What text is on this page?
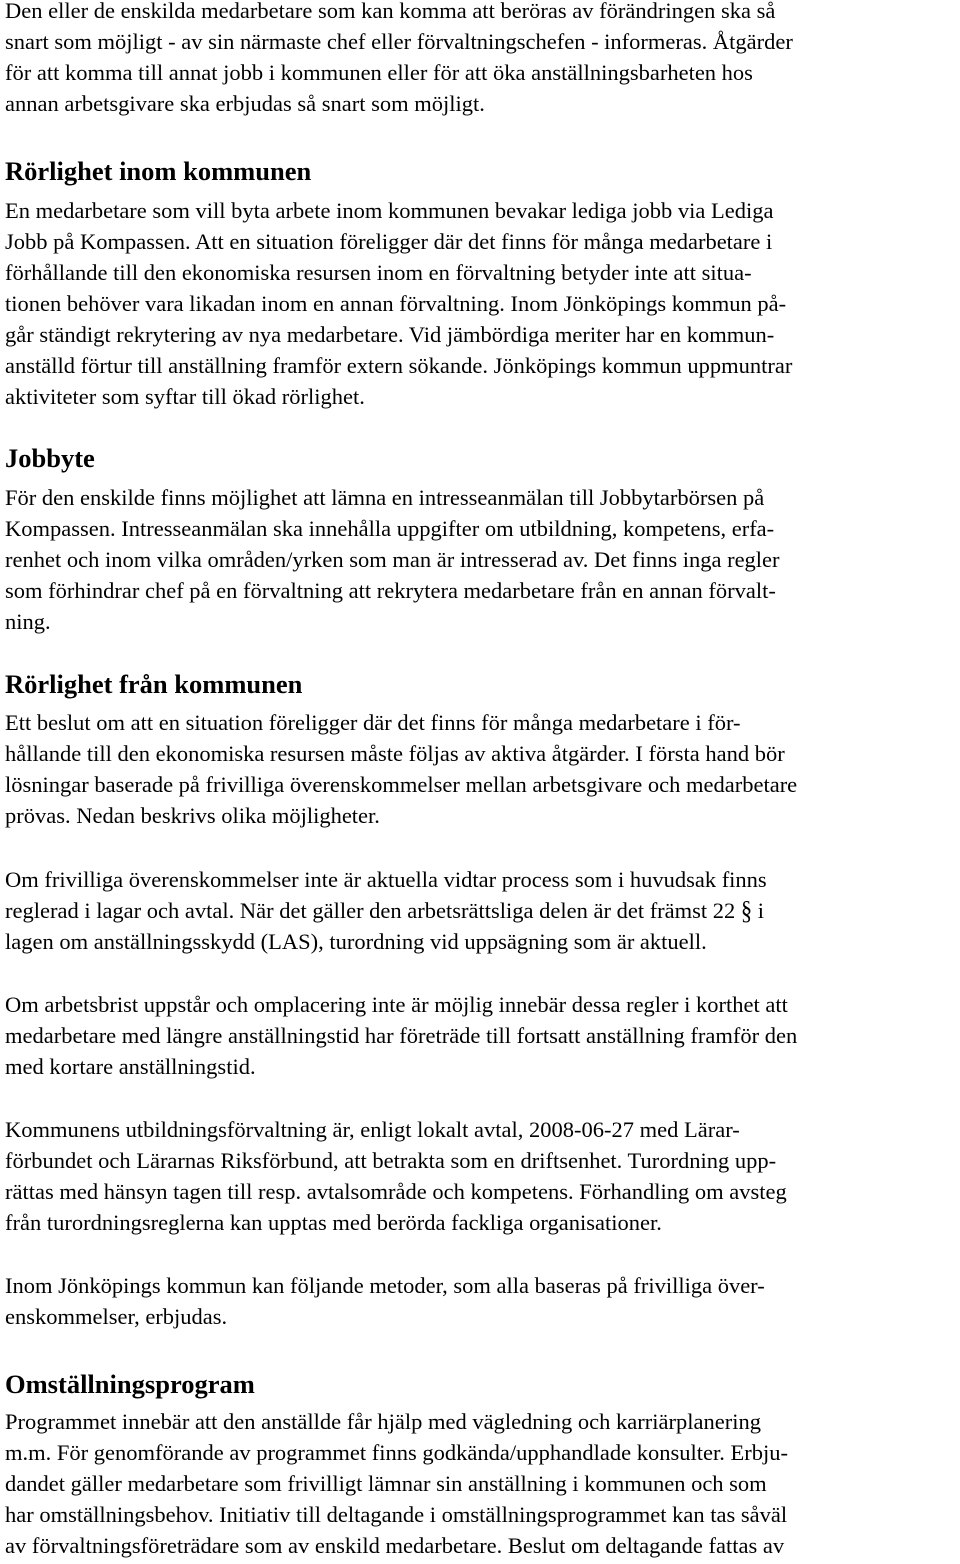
Den eller de enskilda medarbetare som kan komma att beröras av förändringen ska så
snart som möjligt - av sin närmaste chef eller förvaltningschefen - informeras. Åtgärder
för att komma till annat jobb i kommunen eller för att öka anställningsbarheten hos
annan arbetsgivare ska erbjudas så snart som möjligt.
Rörlighet inom kommunen
En medarbetare som vill byta arbete inom kommunen bevakar lediga jobb via Lediga
Jobb på Kompassen. Att en situation föreligger där det finns för många medarbetare i
förhållande till den ekonomiska resursen inom en förvaltning betyder inte att situa-
tionen behöver vara likadan inom en annan förvaltning. Inom Jönköpings kommun på-
går ständigt rekrytering av nya medarbetare. Vid jämbördiga meriter har en kommun-
anställd förtur till anställning framför extern sökande. Jönköpings kommun uppmuntrar
aktiviteter som syftar till ökad rörlighet.
Jobbyte
För den enskilde finns möjlighet att lämna en intresseanmälan till Jobbytarbörsen på
Kompassen. Intresseanmälan ska innehålla uppgifter om utbildning, kompetens, erfa-
renhet och inom vilka områden/yrken som man är intresserad av. Det finns inga regler
som förhindrar chef på en förvaltning att rekrytera medarbetare från en annan förvalt-
ning.
Rörlighet från kommunen
Ett beslut om att en situation föreligger där det finns för många medarbetare i för-
hållande till den ekonomiska resursen måste följas av aktiva åtgärder. I första hand bör
lösningar baserade på frivilliga överenskommelser mellan arbetsgivare och medarbetare
prövas. Nedan beskrivs olika möjligheter.
Om frivilliga överenskommelser inte är aktuella vidtar process som i huvudsak finns
reglerad i lagar och avtal. När det gäller den arbetsrättsliga delen är det främst 22 § i
lagen om anställningsskydd (LAS), turordning vid uppsägning som är aktuell.
Om arbetsbrist uppstår och omplacering inte är möjlig innebär dessa regler i korthet att
medarbetare med längre anställningstid har företräde till fortsatt anställning framför den
med kortare anställningstid.
Kommunens utbildningsförvaltning är, enligt lokalt avtal, 2008-06-27 med Lärar-
förbundet och Lärarnas Riksförbund, att betrakta som en driftsenhet. Turordning upp-
rättas med hänsyn tagen till resp. avtalsområde och kompetens. Förhandling om avsteg
från turordningsreglerna kan upptas med berörda fackliga organisationer.
Inom Jönköpings kommun kan följande metoder, som alla baseras på frivilliga över-
enskommelser, erbjudas.
Omställningsprogram
Programmet innebär att den anställde får hjälp med vägledning och karriärplanering
m.m. För genomförande av programmet finns godkända/upphandlade konsulter. Erbju-
dandet gäller medarbetare som frivilligt lämnar sin anställning i kommunen och som
har omställningsbehov. Initiativ till deltagande i omställningsprogrammet kan tas såväl
av förvaltningsföreträdare som av enskild medarbetare. Beslut om deltagande fattas av
